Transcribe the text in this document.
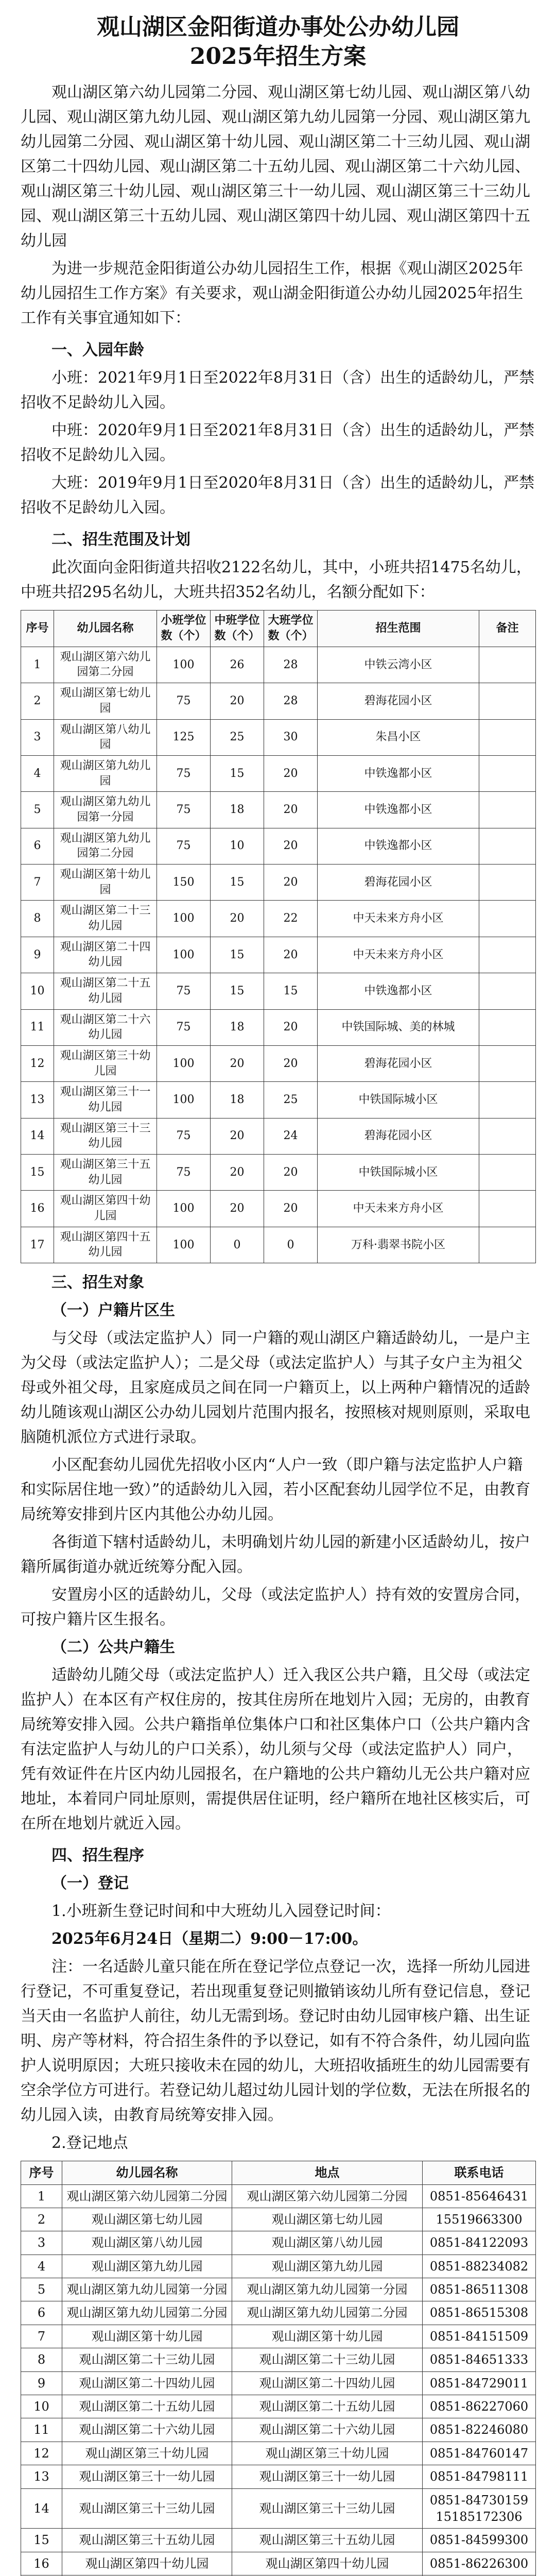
观山湖区金阳街道办事处公办幼儿园
2025年招生方案

观山湖区第六幼儿园第二分园、观山湖区第七幼儿园、观山湖区第八幼儿园、观山湖区第九幼儿园、观山湖区第九幼儿园第一分园、观山湖区第九幼儿园第二分园、观山湖区第十幼儿园、观山湖区第二十三幼儿园、观山湖区第二十四幼儿园、观山湖区第二十五幼儿园、观山湖区第二十六幼儿园、观山湖区第三十幼儿园、观山湖区第三十一幼儿园、观山湖区第三十三幼儿园、观山湖区第三十五幼儿园、观山湖区第四十幼儿园、观山湖区第四十五幼儿园

为进一步规范金阳街道公办幼儿园招生工作，根据《观山湖区2025年幼儿园招生工作方案》有关要求，观山湖金阳街道公办幼儿园2025年招生工作有关事宜通知如下：

一、入园年龄

小班：2021年9月1日至2022年8月31日（含）出生的适龄幼儿，严禁招收不足龄幼儿入园。

中班：2020年9月1日至2021年8月31日（含）出生的适龄幼儿，严禁招收不足龄幼儿入园。

大班：2019年9月1日至2020年8月31日（含）出生的适龄幼儿，严禁招收不足龄幼儿入园。

二、招生范围及计划

此次面向金阳街道共招收2122名幼儿，其中，小班共招1475名幼儿，中班共招295名幼儿，大班共招352名幼儿，名额分配如下：

序号	幼儿园名称	小班学位数（个）	中班学位数（个）	大班学位数（个）	招生范围	备注
1	观山湖区第六幼儿园第二分园	100	26	28	中铁云湾小区	
2	观山湖区第七幼儿园	75	20	28	碧海花园小区	
3	观山湖区第八幼儿园	125	25	30	朱昌小区	
4	观山湖区第九幼儿园	75	15	20	中铁逸都小区	
5	观山湖区第九幼儿园第一分园	75	18	20	中铁逸都小区	
6	观山湖区第九幼儿园第二分园	75	10	20	中铁逸都小区	
7	观山湖区第十幼儿园	150	15	20	碧海花园小区	
8	观山湖区第二十三幼儿园	100	20	22	中天未来方舟小区	
9	观山湖区第二十四幼儿园	100	15	20	中天未来方舟小区	
10	观山湖区第二十五幼儿园	75	15	15	中铁逸都小区	
11	观山湖区第二十六幼儿园	75	18	20	中铁国际城、美的林城	
12	观山湖区第三十幼儿园	100	20	20	碧海花园小区	
13	观山湖区第三十一幼儿园	100	18	25	中铁国际城小区	
14	观山湖区第三十三幼儿园	75	20	24	碧海花园小区	
15	观山湖区第三十五幼儿园	75	20	20	中铁国际城小区	
16	观山湖区第四十幼儿园	100	20	20	中天未来方舟小区	
17	观山湖区第四十五幼儿园	100	0	0	万科·翡翠书院小区	

三、招生对象

（一）户籍片区生

与父母（或法定监护人）同一户籍的观山湖区户籍适龄幼儿，一是户主为父母（或法定监护人）；二是父母（或法定监护人）与其子女户主为祖父母或外祖父母，且家庭成员之间在同一户籍页上，以上两种户籍情况的适龄幼儿随该观山湖区公办幼儿园划片范围内报名，按照核对规则原则，采取电脑随机派位方式进行录取。

小区配套幼儿园优先招收小区内“人户一致（即户籍与法定监护人户籍和实际居住地一致）”的适龄幼儿入园，若小区配套幼儿园学位不足，由教育局统筹安排到片区内其他公办幼儿园。

各街道下辖村适龄幼儿，未明确划片幼儿园的新建小区适龄幼儿，按户籍所属街道办就近统筹分配入园。

安置房小区的适龄幼儿，父母（或法定监护人）持有效的安置房合同，可按户籍片区生报名。

（二）公共户籍生

适龄幼儿随父母（或法定监护人）迁入我区公共户籍，且父母（或法定监护人）在本区有产权住房的，按其住房所在地划片入园；无房的，由教育局统筹安排入园。公共户籍指单位集体户口和社区集体户口（公共户籍内含有法定监护人与幼儿的户口关系），幼儿须与父母（或法定监护人）同户，凭有效证件在片区内幼儿园报名，在户籍地的公共户籍幼儿无公共户籍对应地址，本着同户同址原则，需提供居住证明，经户籍所在地社区核实后，可在所在地划片就近入园。

四、招生程序

（一）登记

1.小班新生登记时间和中大班幼儿入园登记时间：

2025年6月24日（星期二）9:00－17:00。

注：一名适龄儿童只能在所在登记学位点登记一次，选择一所幼儿园进行登记，不可重复登记，若出现重复登记则撤销该幼儿所有登记信息，登记当天由一名监护人前往，幼儿无需到场。登记时由幼儿园审核户籍、出生证明、房产等材料，符合招生条件的予以登记，如有不符合条件，幼儿园向监护人说明原因；大班只接收未在园的幼儿，大班招收插班生的幼儿园需要有空余学位方可进行。若登记幼儿超过幼儿园计划的学位数，无法在所报名的幼儿园入读，由教育局统筹安排入园。

2.登记地点

序号	幼儿园名称	地点	联系电话
1	观山湖区第六幼儿园第二分园	观山湖区第六幼儿园第二分园	0851-85646431
2	观山湖区第七幼儿园	观山湖区第七幼儿园	15519663300
3	观山湖区第八幼儿园	观山湖区第八幼儿园	0851-84122093
4	观山湖区第九幼儿园	观山湖区第九幼儿园	0851-88234082
5	观山湖区第九幼儿园第一分园	观山湖区第九幼儿园第一分园	0851-86511308
6	观山湖区第九幼儿园第二分园	观山湖区第九幼儿园第二分园	0851-86515308
7	观山湖区第十幼儿园	观山湖区第十幼儿园	0851-84151509
8	观山湖区第二十三幼儿园	观山湖区第二十三幼儿园	0851-84651333
9	观山湖区第二十四幼儿园	观山湖区第二十四幼儿园	0851-84729011
10	观山湖区第二十五幼儿园	观山湖区第二十五幼儿园	0851-86227060
11	观山湖区第二十六幼儿园	观山湖区第二十六幼儿园	0851-82246080
12	观山湖区第三十幼儿园	观山湖区第三十幼儿园	0851-84760147
13	观山湖区第三十一幼儿园	观山湖区第三十一幼儿园	0851-84798111
14	观山湖区第三十三幼儿园	观山湖区第三十三幼儿园	0851-84730159
15185172306
15	观山湖区第三十五幼儿园	观山湖区第三十五幼儿园	0851-84599300
16	观山湖区第四十幼儿园	观山湖区第四十幼儿园	0851-86226300
